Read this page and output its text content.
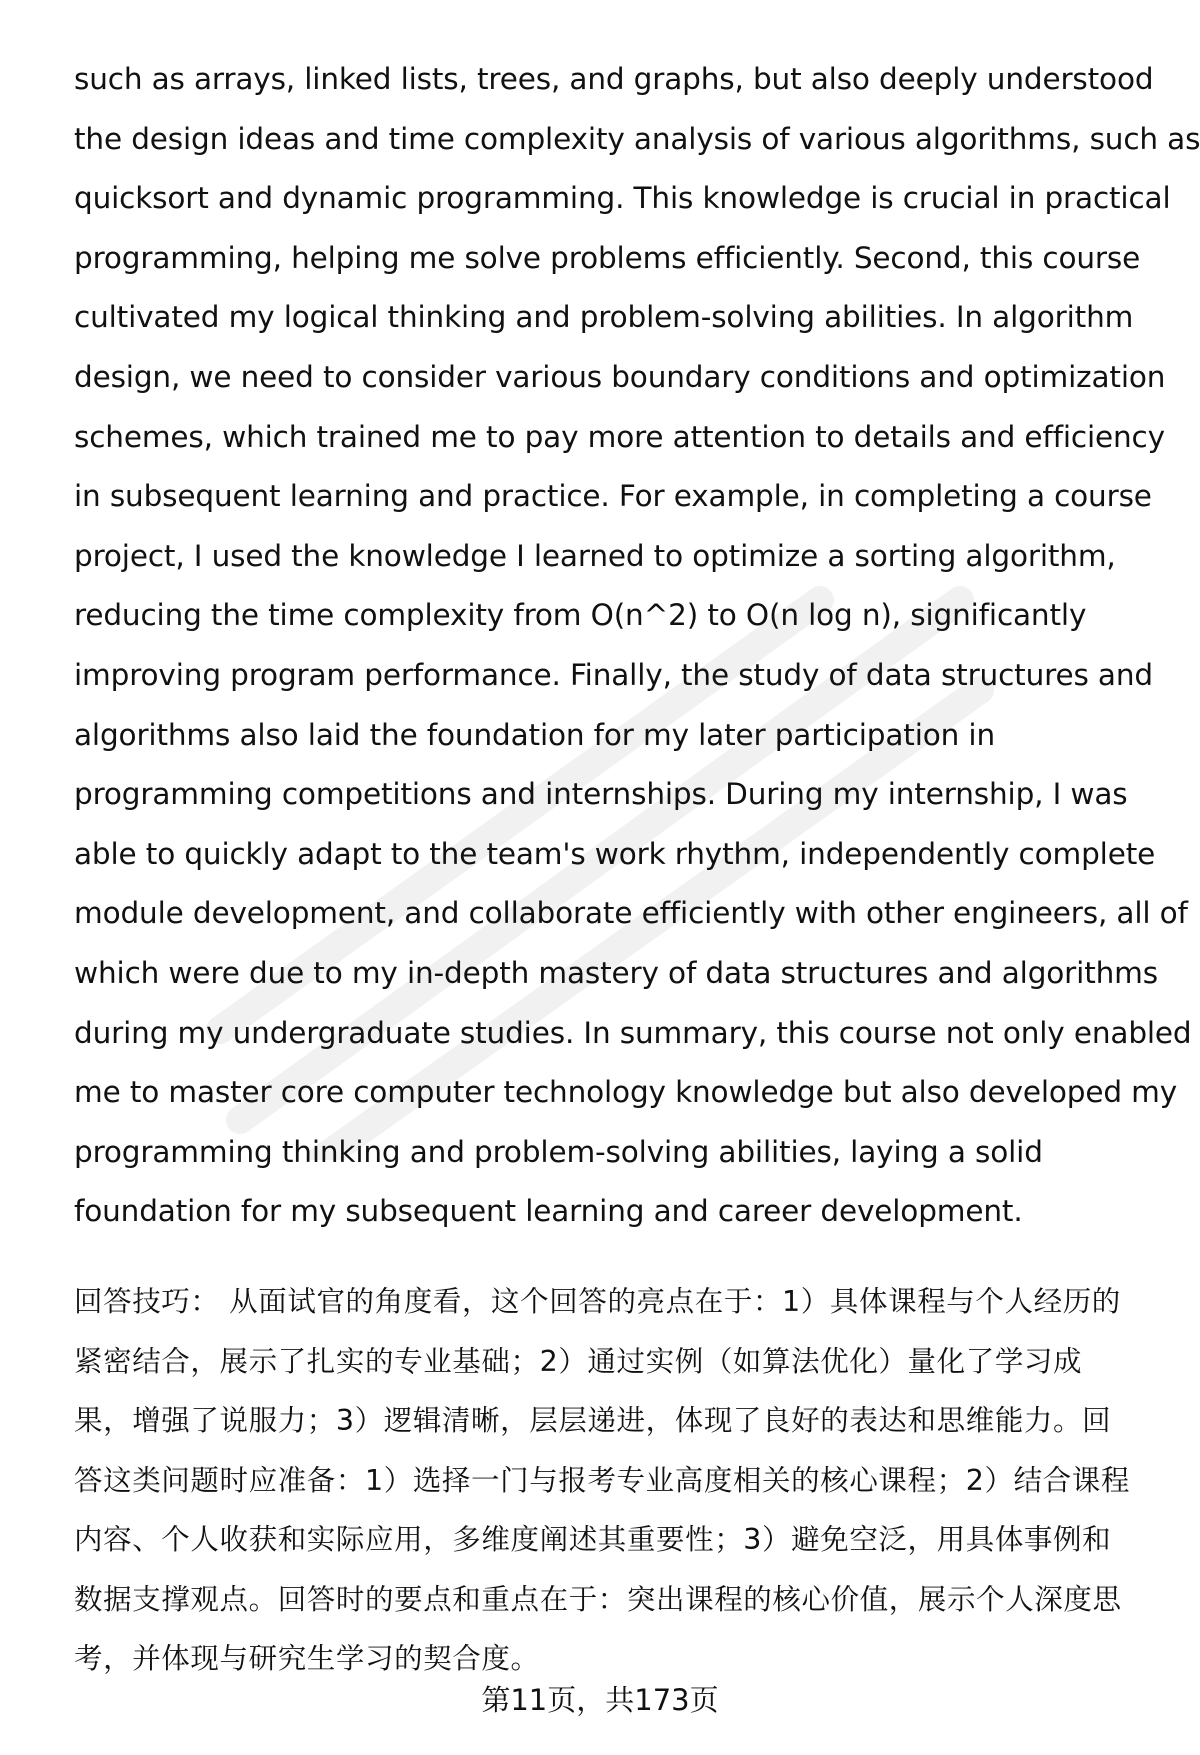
such as arrays, linked lists, trees, and graphs, but also deeply understood
the design ideas and time complexity analysis of various algorithms, such as
quicksort and dynamic programming. This knowledge is crucial in practical
programming, helping me solve problems efficiently. Second, this course
cultivated my logical thinking and problem-solving abilities. In algorithm
design, we need to consider various boundary conditions and optimization
schemes, which trained me to pay more attention to details and efficiency
in subsequent learning and practice. For example, in completing a course
project, I used the knowledge I learned to optimize a sorting algorithm,
reducing the time complexity from O(n^2) to O(n log n), significantly
improving program performance. Finally, the study of data structures and
algorithms also laid the foundation for my later participation in
programming competitions and internships. During my internship, I was
able to quickly adapt to the team's work rhythm, independently complete
module development, and collaborate efficiently with other engineers, all of
which were due to my in-depth mastery of data structures and algorithms
during my undergraduate studies. In summary, this course not only enabled
me to master core computer technology knowledge but also developed my
programming thinking and problem-solving abilities, laying a solid
foundation for my subsequent learning and career development.
回答技巧： 从面试官的角度看，这个回答的亮点在于：1）具体课程与个人经历的
紧密结合，展示了扎实的专业基础；2）通过实例（如算法优化）量化了学习成
果，增强了说服力；3）逻辑清晰，层层递进，体现了良好的表达和思维能力。回
答这类问题时应准备：1）选择一门与报考专业高度相关的核心课程；2）结合课程
内容、个人收获和实际应用，多维度阐述其重要性；3）避免空泛，用具体事例和
数据支撑观点。回答时的要点和重点在于：突出课程的核心价值，展示个人深度思
考，并体现与研究生学习的契合度。
第11页，共173页
